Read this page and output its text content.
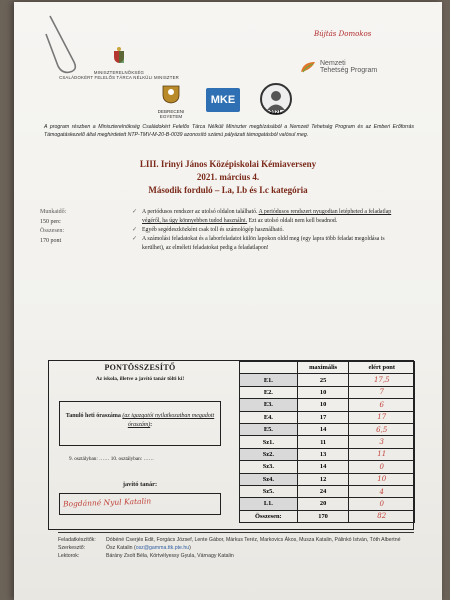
Bújtás Domokos
MINISZTERELNÖKSÉG
CSALÁDOKÉRT FELELŐS TÁRCA NÉLKÜLI MINISZTER
Nemzeti
Tehetség Program
DEBRECENI
EGYETEM
MKE
2021.

A program részben a Miniszterelnökség Családokért Felelős Tárca Nélküli Miniszter megbízásából a Nemzeti Tehetség Program és az Emberi Erőforrás Támogatáskezelő által meghirdetett NTP-TMV-M-20-B-0039 azonosító számú pályázati támogatásból valósul meg.

LIII. Irinyi János Középiskolai Kémiaverseny
2021. március 4.
Második forduló – I.a, I.b és I.c kategória
Munkaidő:
150 perc
Összesen:
170 pont
✓ A periódusos rendszer az utolsó oldalon található. A periódusos rendszert nyugodtan letépheted a feladatlap végéről, ha úgy könnyebben tudod használni. Ezt az utolsó oldalt nem kell beadnod.
✓ Egyéb segédeszközként csak toll és számológép használható.
✓ A számolási feladatokat és a laborfeladatot külön lapokon oldd meg (egy lapra több feladat megoldása is kerülhet), az elméleti feladatokat pedig a feladatlapon!
PONTÖSSZESÍTŐ
Az iskola, illetve a javító tanár tölti ki!
Tanuló heti óraszáma (az igazgatói nyilatkozatban megadott óraszám):
9. osztályban: …… 10. osztályban: ……
javító tanár:
Bogdánné Nyul Katalin
	maximális	elért pont
E1.	25	17,5
E2.	10	7
E3.	10	6
E4.	17	17
E5.	14	6,5
Sz1.	11	3
Sz2.	13	11
Sz3.	14	0
Sz4.	12	10
Sz5.	24	4
L1.	20	0
Összesen:	170	82
Feladatkészítők:	Dóbéné Cserjés Edit, Forgács József, Lente Gábor, Márkus Teréz, Markovics Ákos, Musza Katalin, Pálinkó István, Tóth Albertné
Szerkesztő:	Ősz Katalin (osz@gamma.ttk.pte.hu)
Lektorok:	Bárány Zsolt Béla, Körtvélyessy Gyula, Várnagy Katalin
